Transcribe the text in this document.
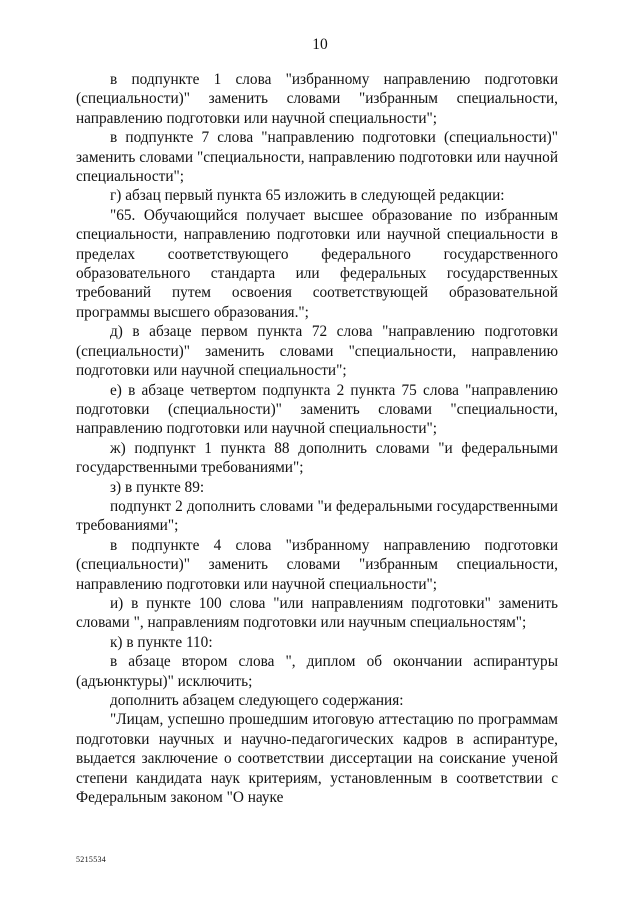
10

в подпункте 1 слова "избранному направлению подготовки (специальности)" заменить словами "избранным специальности, направлению подготовки или научной специальности";

в подпункте 7 слова "направлению подготовки (специальности)" заменить словами "специальности, направлению подготовки или научной специальности";

г) абзац первый пункта 65 изложить в следующей редакции:

"65. Обучающийся получает высшее образование по избранным специальности, направлению подготовки или научной специальности в пределах соответствующего федерального государственного образовательного стандарта или федеральных государственных требований путем освоения соответствующей образовательной программы высшего образования.";

д) в абзаце первом пункта 72 слова "направлению подготовки (специальности)" заменить словами "специальности, направлению подготовки или научной специальности";

е) в абзаце четвертом подпункта 2 пункта 75 слова "направлению подготовки (специальности)" заменить словами "специальности, направлению подготовки или научной специальности";

ж) подпункт 1 пункта 88 дополнить словами "и федеральными государственными требованиями";

з) в пункте 89:

подпункт 2 дополнить словами "и федеральными государственными требованиями";

в подпункте 4 слова "избранному направлению подготовки (специальности)" заменить словами "избранным специальности, направлению подготовки или научной специальности";

и) в пункте 100 слова "или направлениям подготовки" заменить словами ", направлениям подготовки или научным специальностям";

к) в пункте 110:

в абзаце втором слова ", диплом об окончании аспирантуры (адъюнктуры)" исключить;

дополнить абзацем следующего содержания:

"Лицам, успешно прошедшим итоговую аттестацию по программам подготовки научных и научно-педагогических кадров в аспирантуре, выдается заключение о соответствии диссертации на соискание ученой степени кандидата наук критериям, установленным в соответствии с Федеральным законом "О науке

5215534
